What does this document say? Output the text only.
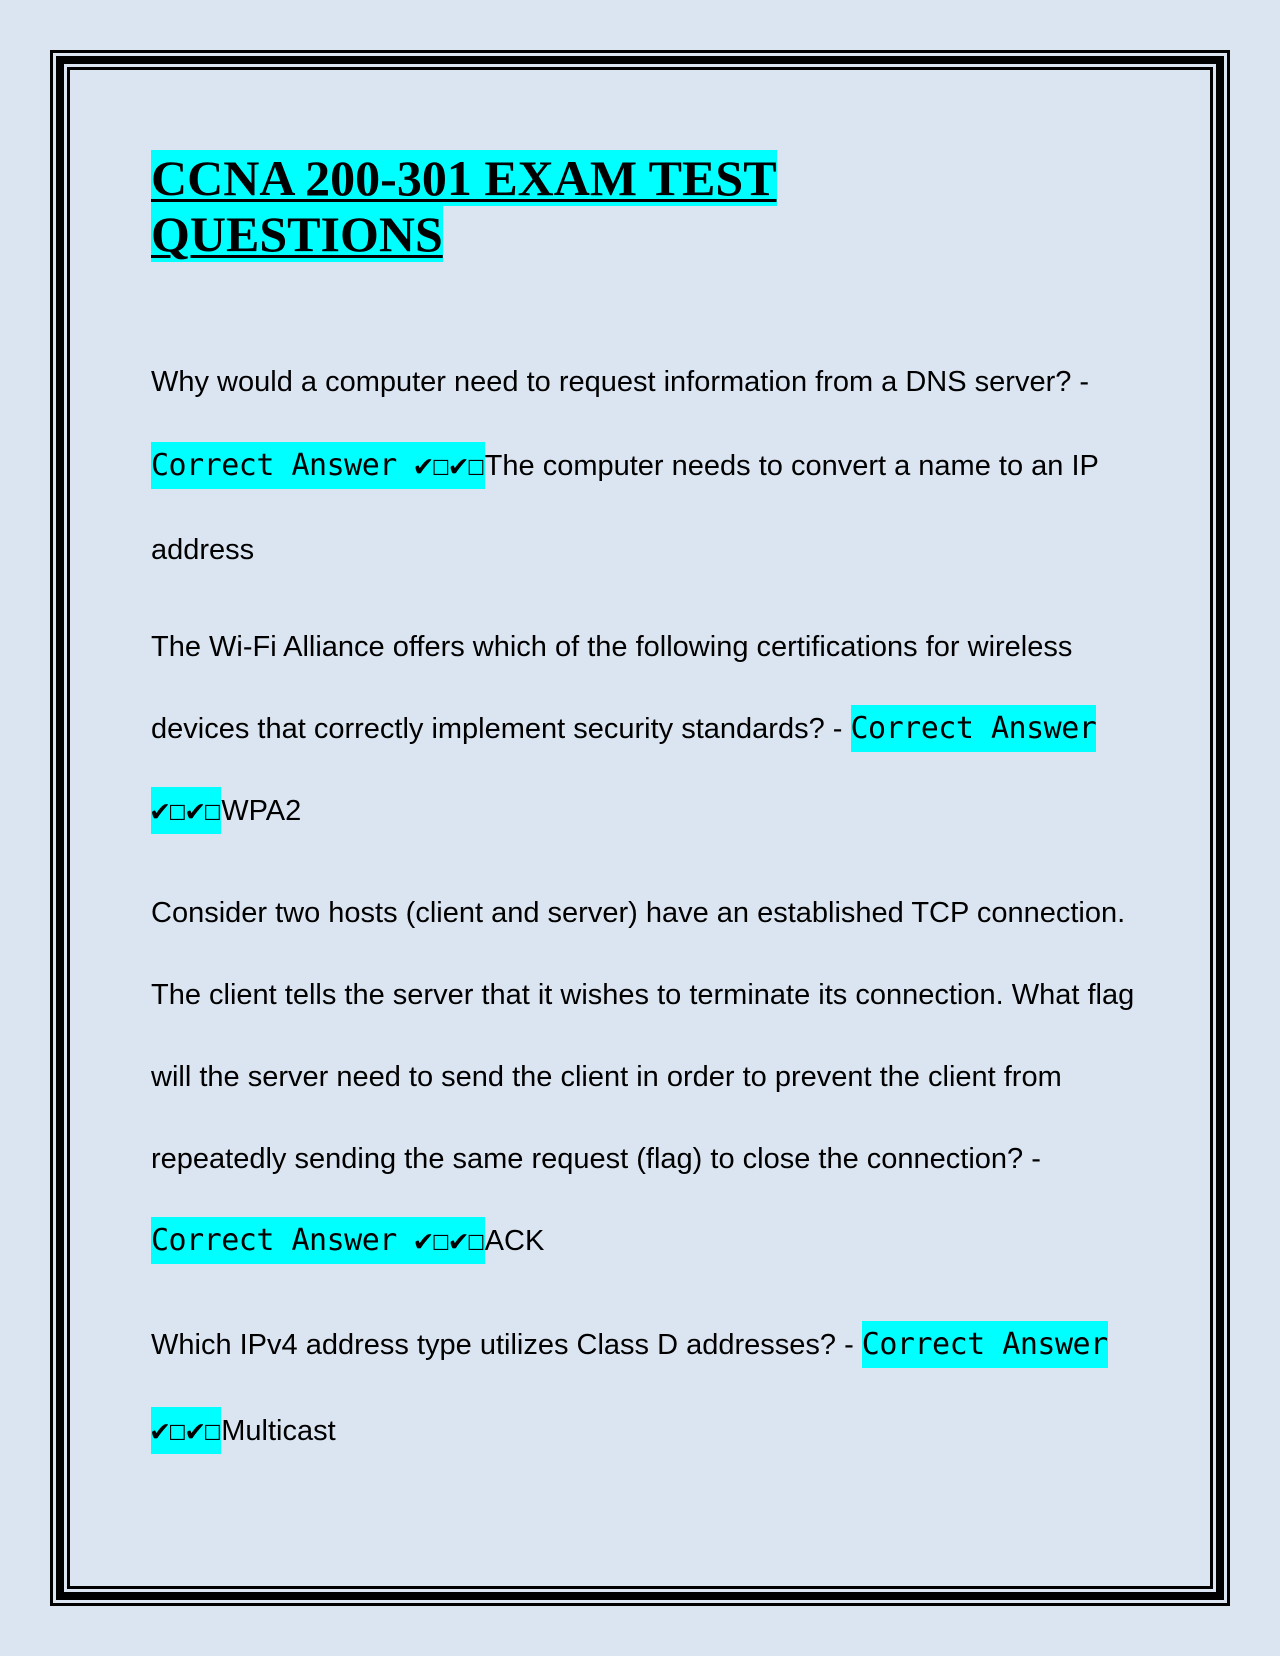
CCNA 200-301 EXAM TEST
QUESTIONS

Why would a computer need to request information from a DNS server? - Correct Answer ✔☐✔☐The computer needs to convert a name to an IP address

The Wi-Fi Alliance offers which of the following certifications for wireless devices that correctly implement security standards? - Correct Answer ✔☐✔☐WPA2

Consider two hosts (client and server) have an established TCP connection. The client tells the server that it wishes to terminate its connection. What flag will the server need to send the client in order to prevent the client from repeatedly sending the same request (flag) to close the connection? - Correct Answer ✔☐✔☐ACK

Which IPv4 address type utilizes Class D addresses? - Correct Answer ✔☐✔☐Multicast
